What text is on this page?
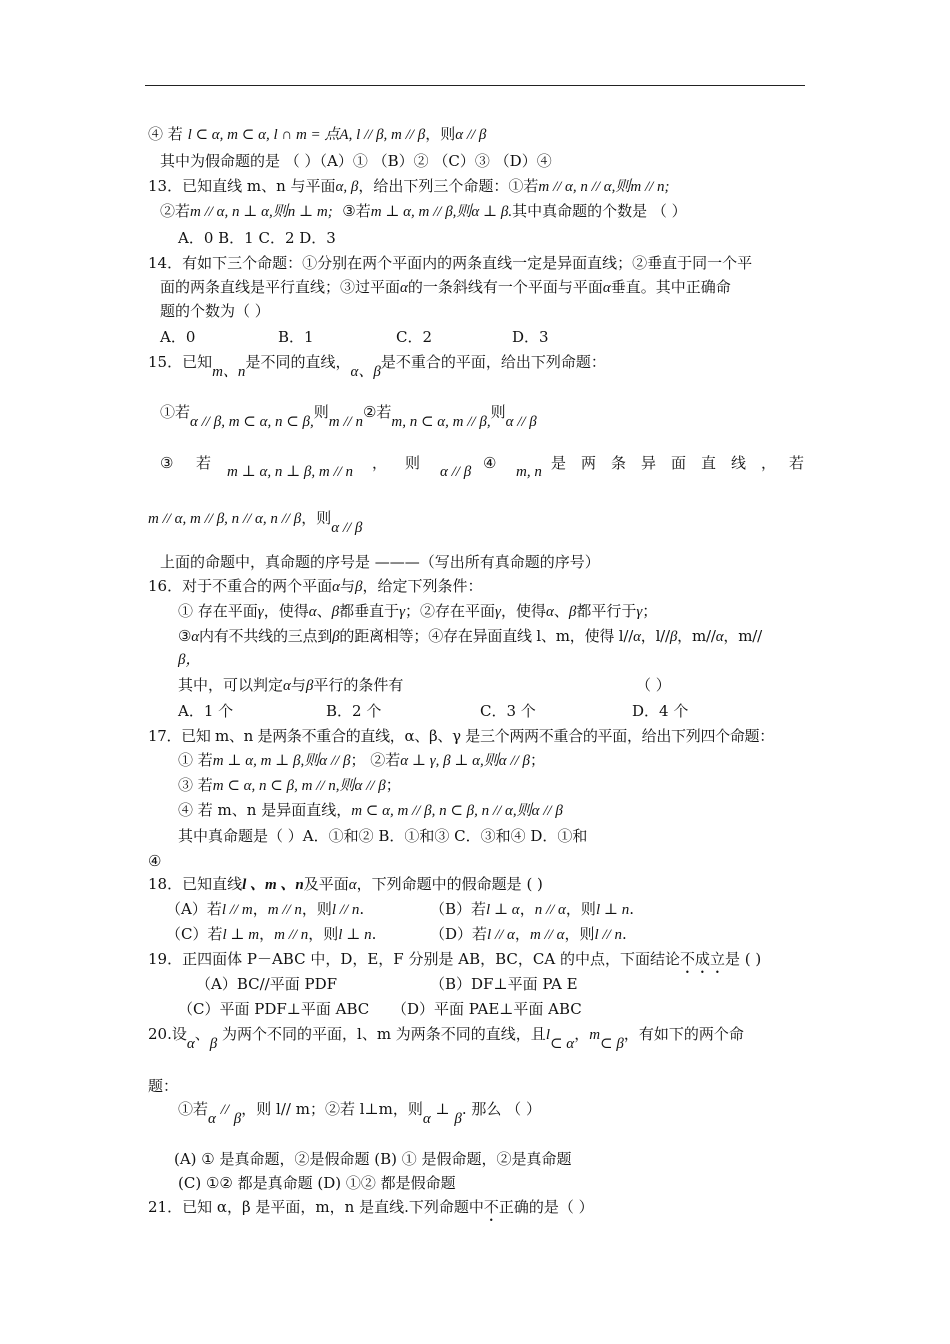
④ 若 l ⊂ α, m ⊂ α, l ∩ m = 点A, l // β, m // β，则α // β
其中为假命题的是 （ ）（A）① （B）② （C）③ （D）④
13．已知直线 m、n 与平面α, β，给出下列三个命题：①若m // α, n // α,则m // n;
②若m // α, n ⊥ α,则n ⊥ m; ③若m ⊥ α, m // β,则α ⊥ β.其中真命题的个数是 （ ）
A．0 B．1 C．2 D．3
14．有如下三个命题：①分别在两个平面内的两条直线一定是异面直线；②垂直于同一个平
面的两条直线是平行直线；③过平面α的一条斜线有一个平面与平面α垂直。其中正确命
题的个数为（ ）
A．0	B．1	C．2	D．3
15．已知m、n是不同的直线，α、β是不重合的平面，给出下列命题：
①若α // β, m ⊂ α, n ⊂ β,则m // n②若m, n ⊂ α, m // β,则α // β
③ 若 m ⊥ α, n ⊥ β, m // n ， 则 α // β ④ m, n 是 两 条 异 面 直 线 ， 若
m // α, m // β, n // α, n // β，则α // β
上面的命题中，真命题的序号是 ———（写出所有真命题的序号）
16．对于不重合的两个平面α与β，给定下列条件：
① 存在平面γ，使得α、β都垂直于γ；②存在平面γ，使得α、β都平行于γ；
③α内有不共线的三点到β的距离相等；④存在异面直线 l、m，使得 l//α，l//β，m//α，m//
β，
其中，可以判定α与β平行的条件有	（ ）
A．1 个	B．2 个	C．3 个	D．4 个
17．已知 m、n 是两条不重合的直线，α、β、γ 是三个两两不重合的平面，给出下列四个命题：
① 若m ⊥ α, m ⊥ β,则α // β； ②若α ⊥ γ, β ⊥ α,则α // β；
③ 若m ⊂ α, n ⊂ β, m // n,则α // β；
④ 若 m、n 是异面直线，m ⊂ α, m // β, n ⊂ β, n // α,则α // β
其中真命题是（ ）A．①和② B．①和③ C．③和④ D．①和
④
18．已知直线l 、m 、n及平面α，下列命题中的假命题是 ( )
（A）若l // m，m // n，则l // n.	（B）若l ⊥ α，n // α，则l ⊥ n.
（C）若l ⊥ m，m // n，则l ⊥ n.	（D）若l // α，m // α，则l // n.
19．正四面体 P－ABC 中，D，E，F 分别是 AB，BC，CA 的中点，下面结论不成立是 ( )
（A）BC//平面 PDF	（B）DF⊥平面 PA E
（C）平面 PDF⊥平面 ABC （D）平面 PAE⊥平面 ABC
20.设α、β 为两个不同的平面，l、m 为两条不同的直线，且l⊂ α，m⊂ β，有如下的两个命
题：
①若α // β，则 l// m；②若 l⊥m，则α ⊥ β. 那么 （ ）
(A) ① 是真命题，②是假命题 (B) ① 是假命题，②是真命题
(C) ①② 都是真命题 (D) ①② 都是假命题
21．已知 α，β 是平面，m，n 是直线.下列命题中不正确的是（ ）
